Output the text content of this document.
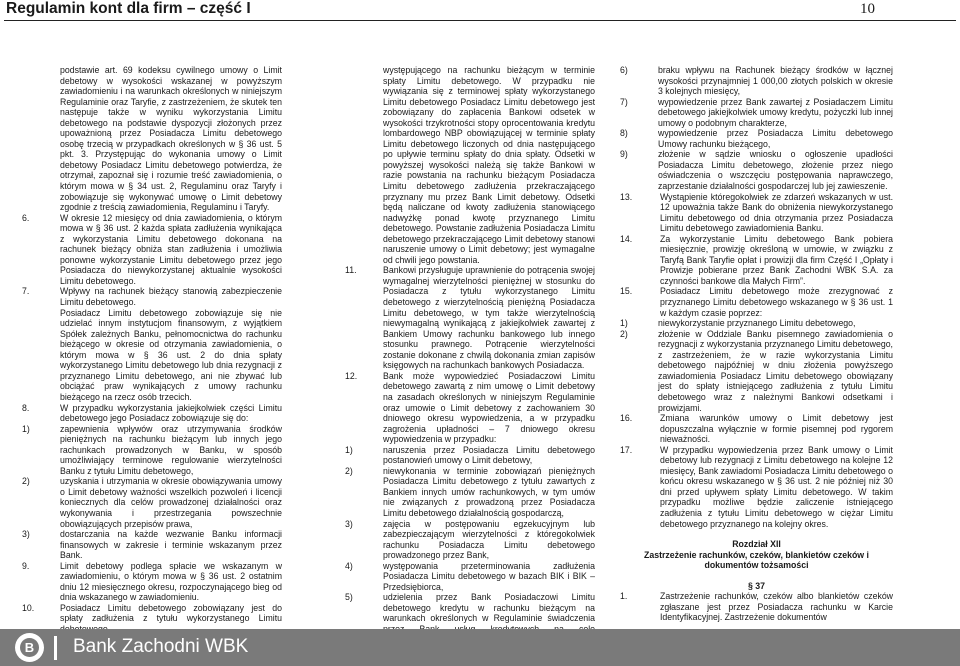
Regulamin kont dla firm – część I	10

podstawie art. 69 kodeksu cywilnego umowy o Limit debetowy w wysokości wskazanej w powyższym zawiadomieniu i na warunkach określonych w niniejszym Regulaminie oraz Taryfie, z zastrzeżeniem, że skutek ten następuje także w wyniku wykorzystania Limitu debetowego na podstawie dyspozycji złożonych przez upoważnioną przez Posiadacza Limitu debetowego osobę trzecią w przypadkach określonych w § 36 ust. 5 pkt. 3. Przystępując do wykonania umowy o Limit debetowy Posiadacz Limitu debetowego potwierdza, że otrzymał, zapoznał się i rozumie treść zawiadomienia, o którym mowa w § 34 ust. 2, Regulaminu oraz Taryfy i zobowiązuje się wykonywać umowę o Limit debetowy zgodnie z treścią zawiadomienia, Regulaminu i Taryfy.

6.	W okresie 12 miesięcy od dnia zawiadomienia, o którym mowa w § 36 ust. 2 każda spłata zadłużenia wynikająca z wykorzystania Limitu debetowego dokonana na rachunek bieżący obniża stan zadłużenia i umożliwia ponowne wykorzystanie Limitu debetowego przez jego Posiadacza do niewykorzystanej aktualnie wysokości Limitu debetowego.
7.	Wpływy na rachunek bieżący stanowią zabezpieczenie Limitu debetowego.

Posiadacz Limitu debetowego zobowiązuje się nie udzielać innym instytucjom finansowym, z wyjątkiem Spółek zależnych Banku, pełnomocnictwa do rachunku bieżącego w okresie od otrzymania zawiadomienia, o którym mowa w § 36 ust. 2 do dnia spłaty wykorzystanego Limitu debetowego lub dnia rezygnacji z przyznanego Limitu debetowego, ani nie zbywać lub obciążać praw wynikających z umowy rachunku bieżącego na rzecz osób trzecich.

8.	W przypadku wykorzystania jakiejkolwiek części Limitu debetowego jego Posiadacz zobowiązuje się do:
1)	zapewnienia wpływów oraz utrzymywania środków pieniężnych na rachunku bieżącym lub innych jego rachunkach prowadzonych w Banku, w sposób umożliwiający terminowe regulowanie wierzytelności Banku z tytułu Limitu debetowego,
2)	uzyskania i utrzymania w okresie obowiązywania umowy o Limit debetowy ważności wszelkich pozwoleń i licencji koniecznych dla celów prowadzonej działalności oraz wykonywania i przestrzegania powszechnie obowiązujących przepisów prawa,
3)	dostarczania na każde wezwanie Banku informacji finansowych w zakresie i terminie wskazanym przez Bank.
9.	Limit debetowy podlega spłacie we wskazanym w zawiadomieniu, o którym mowa w § 36 ust. 2 ostatnim dniu 12 miesięcznego okresu, rozpoczynającego bieg od dnia wskazanego w zawiadomieniu.
10.	Posiadacz Limitu debetowego zobowiązany jest do spłaty zadłużenia z tytułu wykorzystanego Limitu

występującego na rachunku bieżącym w terminie spłaty Limitu debetowego. W przypadku nie wywiązania się z terminowej spłaty wykorzystanego Limitu debetowego Posiadacz Limitu debetowego jest zobowiązany do zapłacenia Bankowi odsetek w wysokości trzykrotności stopy oprocentowania kredytu lombardowego NBP obowiązującej w terminie spłaty Limitu debetowego liczonych od dnia następującego po upływie terminu spłaty do dnia spłaty. Odsetki w powyższej wysokości należą się także Bankowi w razie powstania na rachunku bieżącym Posiadacza Limitu debetowego zadłużenia przekraczającego przyznany mu przez Bank Limit debetowy. Odsetki będą naliczane od kwoty zadłużenia stanowiącego nadwyżkę ponad kwotę przyznanego Limitu debetowego. Powstanie zadłużenia Posiadacza Limitu debetowego przekraczającego Limit debetowy stanowi naruszenie umowy o Limit debetowy; jest wymagalne od chwili jego powstania.

11.	Bankowi przysługuje uprawnienie do potrącenia swojej wymagalnej wierzytelności pieniężnej w stosunku do Posiadacza z tytułu wykorzystanego Limitu debetowego z wierzytelnością pieniężną Posiadacza Limitu debetowego, w tym także wierzytelnością niewymagalną wynikającą z jakiejkolwiek zawartej z Bankiem Umowy rachunku bankowego lub innego stosunku prawnego. Potrącenie wierzytelności zostanie dokonane z chwilą dokonania zmian zapisów księgowych na rachunkach bankowych Posiadacza.
12.	Bank może wypowiedzieć Posiadaczowi Limitu debetowego zawartą z nim umowę o Limit debetowy na zasadach określonych w niniejszym Regulaminie oraz umowie o Limit debetowy z zachowaniem 30 dniowego okresu wypowiedzenia, a w przypadku zagrożenia upładności – 7 dniowego okresu wypowiedzenia w przypadku:
1)	naruszenia przez Posiadacza Limitu debetowego postanowień umowy o Limit debetowy,
2)	niewykonania w terminie zobowiązań pieniężnych Posiadacza Limitu debetowego z tytułu zawartych z Bankiem innych umów rachunkowych, w tym umów nie związanych z prowadzoną przez Posiadacza Limitu debetowego działalnością gospodarczą,
3)	zajęcia w postępowaniu egzekucyjnym lub zabezpieczającym wierzytelności z któregokolwiek rachunku Posiadacza Limitu debetowego prowadzonego przez Bank,
4)	występowania przeterminowania zadłużenia Posiadacza Limitu debetowego w bazach BIK i BIK – Przedsiębiorca,
5)	udzielenia przez Bank Posiadaczowi Limitu debetowego kredytu w rachunku bieżącym na warunkach określonych w Regulaminie świadczenia
6)	braku wpływu na Rachunek bieżący środków w łącznej wysokości przynajmniej 1 000,00 złotych polskich w okresie 3 kolejnych miesięcy,
7)	wypowiedzenie przez Bank zawartej z Posiadaczem Limitu debetowego jakiejkolwiek umowy kredytu, pożyczki lub innej umowy o podobnym charakterze,
8)	wypowiedzenie przez Posiadacza Limitu debetowego Umowy rachunku bieżącego,
9)	złożenie w sądzie wniosku o ogłoszenie upadłości Posiadacza Limitu debetowego, złożenie przez niego oświadczenia o wszczęciu postępowania naprawczego, zaprzestanie działalności gospodarczej lub jej zawieszenie.
13.	Wystąpienie któregokolwiek ze zdarzeń wskazanych w ust. 12 upoważnia także Bank do obniżenia niewykorzystanego Limitu debetowego od dnia otrzymania przez Posiadacza Limitu debetowego zawiadomienia Banku.
14.	Za wykorzystanie Limitu debetowego Bank pobiera miesięcznie, prowizję określoną w umowie, w związku z Taryfą Bank Taryfie opłat i prowizji dla firm Część I „Opłaty i Prowizje pobierane przez Bank Zachodni WBK S.A. za czynności bankowe dla Małych Firm”.
15.	Posiadacz Limitu debetowego może zrezygnować z przyznanego Limitu debetowego wskazanego w § 36 ust. 1 w każdym czasie poprzez:
1)	niewykorzystanie przyznanego Limitu debetowego,
2)	złożenie w Oddziale Banku pisemnego zawiadomienia o rezygnacji z wykorzystania przyznanego Limitu debetowego, z zastrzeżeniem, że w razie wykorzystania Limitu debetowego najpóźniej w dniu złożenia powyższego zawiadomienia Posiadacz Limitu debetowego obowiązany jest do spłaty istniejącego zadłużenia z tytułu Limitu debetowego wraz z należnymi Bankowi odsetkami i prowizjami.
16.	Zmiana warunków umowy o Limit debetowy jest dopuszczalna wyłącznie w formie pisemnej pod rygorem nieważności.
17.	W przypadku wypowiedzenia przez Bank umowy o Limit debetowy lub rezygnacji z Limitu debetowego na kolejne 12 miesięcy, Bank zawiadomi Posiadacza Limitu debetowego o końcu okresu wskazanego w § 36 ust. 2 nie później niż 30 dni przed upływem spłaty Limitu debetowego. W takim przypadku możliwe będzie zaliczenie istniejącego zadłużenia z tytułu Limitu debetowego w ciężar Limitu debetowego przyznanego na kolejny okres.
Rozdział XII
Zastrzeżenie rachunków, czeków, blankietów czeków i dokumentów tożsamości
§ 37
1.	Zastrzeżenie rachunków, czeków albo blankietów czeków zgłaszane jest przez Posiadacza rachunku w Karcie Identyfikacyjnej. Zastrzeżenie dokumentów
B Bank Zachodni WBK
